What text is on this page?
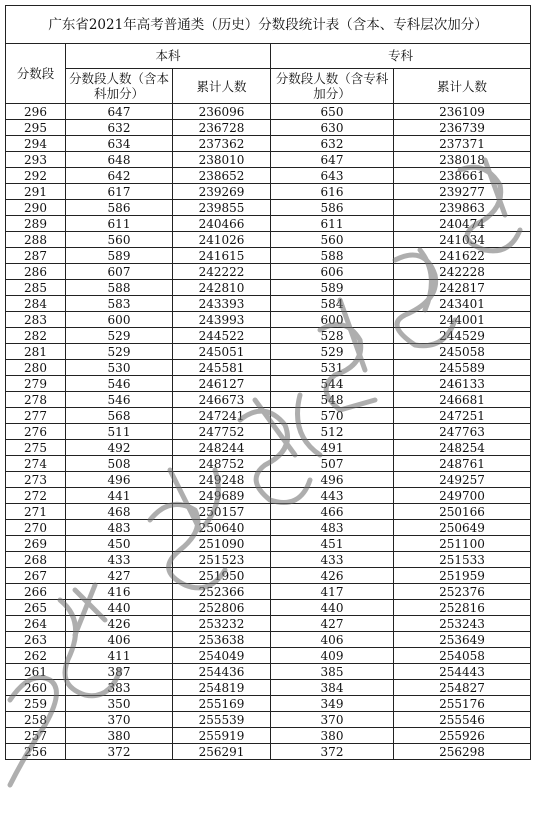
广东省2021年高考普通类（历史）分数段统计表（含本、专科层次加分）				
分数段	本科		专科	
	分数段人数（含本科加分）	累计人数	分数段人数（含专科加分）	累计人数
296	647	236096	650	236109
295	632	236728	630	236739
294	634	237362	632	237371
293	648	238010	647	238018
292	642	238652	643	238661
291	617	239269	616	239277
290	586	239855	586	239863
289	611	240466	611	240474
288	560	241026	560	241034
287	589	241615	588	241622
286	607	242222	606	242228
285	588	242810	589	242817
284	583	243393	584	243401
283	600	243993	600	244001
282	529	244522	528	244529
281	529	245051	529	245058
280	530	245581	531	245589
279	546	246127	544	246133
278	546	246673	548	246681
277	568	247241	570	247251
276	511	247752	512	247763
275	492	248244	491	248254
274	508	248752	507	248761
273	496	249248	496	249257
272	441	249689	443	249700
271	468	250157	466	250166
270	483	250640	483	250649
269	450	251090	451	251100
268	433	251523	433	251533
267	427	251950	426	251959
266	416	252366	417	252376
265	440	252806	440	252816
264	426	253232	427	253243
263	406	253638	406	253649
262	411	254049	409	254058
261	387	254436	385	254443
260	383	254819	384	254827
259	350	255169	349	255176
258	370	255539	370	255546
257	380	255919	380	255926
256	372	256291	372	256298
